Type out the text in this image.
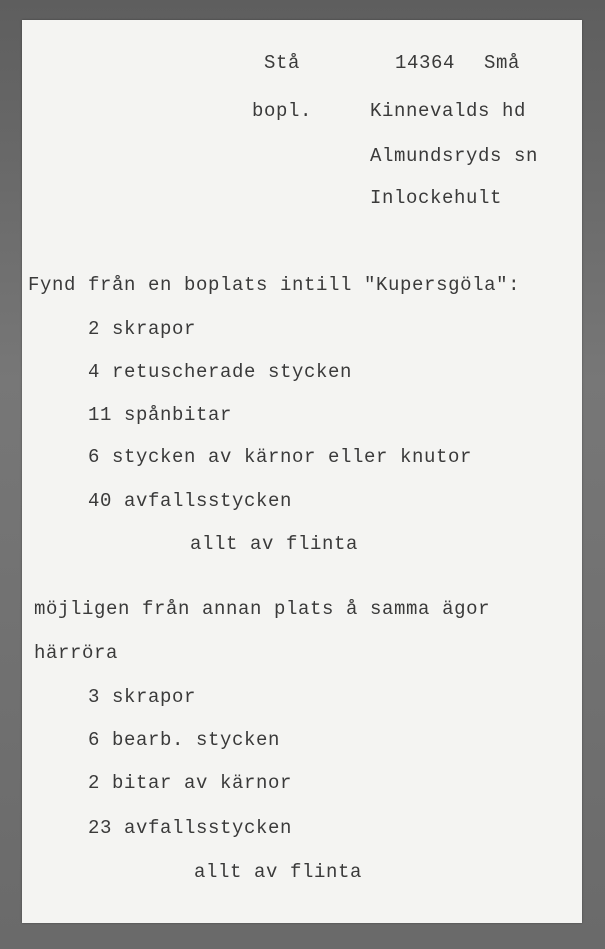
Stå	14364 Små
bopl.	Kinnevalds hd
Almundsryds sn
Inlockehult
Fynd från en boplats intill "Kupersgöla":
2 skrapor
4 retuscherade stycken
11 spånbitar
6 stycken av kärnor eller knutor
40 avfallsstycken
allt av flinta
möjligen från annan plats å samma ägor
härröra
3 skrapor
6 bearb. stycken
2 bitar av kärnor
23 avfallsstycken
allt av flinta
